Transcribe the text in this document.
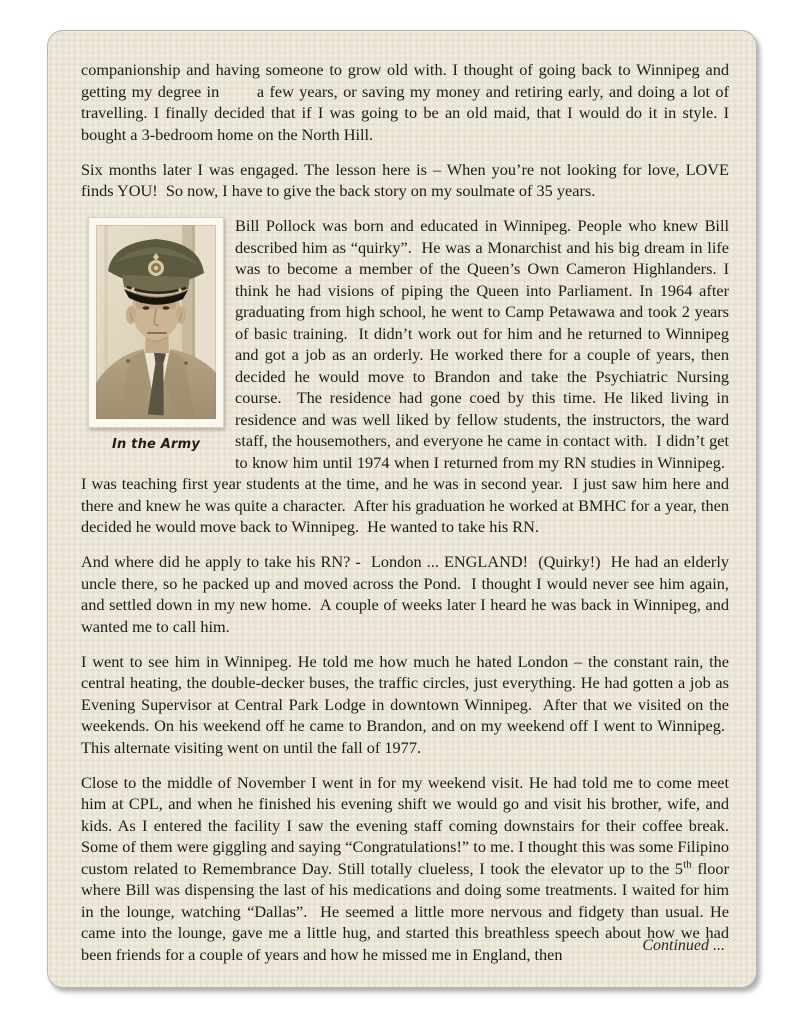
companionship and having someone to grow old with. I thought of going back to Winnipeg and getting my degree in       a few years, or saving my money and retiring early, and doing a lot of travelling. I finally decided that if I was going to be an old maid, that I would do it in style. I bought a 3-bedroom home on the North Hill.

Six months later I was engaged. The lesson here is – When you’re not looking for love, LOVE finds YOU!  So now, I have to give the back story on my soulmate of 35 years.

In the Army

Bill Pollock was born and educated in Winnipeg. People who knew Bill described him as “quirky”.  He was a Monarchist and his big dream in life was to become a member of the Queen’s Own Cameron Highlanders. I think he had visions of piping the Queen into Parliament. In 1964 after graduating from high school, he went to Camp Petawawa and took 2 years of basic training.  It didn’t work out for him and he returned to Winnipeg and got a job as an orderly. He worked there for a couple of years, then decided he would move to Brandon and take the Psychiatric Nursing course.  The residence had gone coed by this time. He liked living in residence and was well liked by fellow students, the instructors, the ward staff, the housemothers, and everyone he came in contact with.  I didn’t get to know him until 1974 when I returned from my RN studies in Winnipeg.  I was teaching first year students at the time, and he was in second year.  I just saw him here and there and knew he was quite a character.  After his graduation he worked at BMHC for a year, then decided he would move back to Winnipeg.  He wanted to take his RN.

And where did he apply to take his RN? -  London ... ENGLAND!  (Quirky!)  He had an elderly uncle there, so he packed up and moved across the Pond.  I thought I would never see him again, and settled down in my new home.  A couple of weeks later I heard he was back in Winnipeg, and wanted me to call him.

I went to see him in Winnipeg. He told me how much he hated London – the constant rain, the central heating, the double-decker buses, the traffic circles, just everything. He had gotten a job as Evening Supervisor at Central Park Lodge in downtown Winnipeg.  After that we visited on the weekends. On his weekend off he came to Brandon, and on my weekend off I went to Winnipeg.  This alternate visiting went on until the fall of 1977.

Close to the middle of November I went in for my weekend visit. He had told me to come meet him at CPL, and when he finished his evening shift we would go and visit his brother, wife, and kids. As I entered the facility I saw the evening staff coming downstairs for their coffee break. Some of them were giggling and saying “Congratulations!” to me. I thought this was some Filipino custom related to Remembrance Day. Still totally clueless, I took the elevator up to the 5th floor where Bill was dispensing the last of his medications and doing some treatments. I waited for him in the lounge, watching “Dallas”.  He seemed a little more nervous and fidgety than usual. He came into the lounge, gave me a little hug, and started this breathless speech about how we had been friends for a couple of years and how he missed me in England, then	Continued ...
